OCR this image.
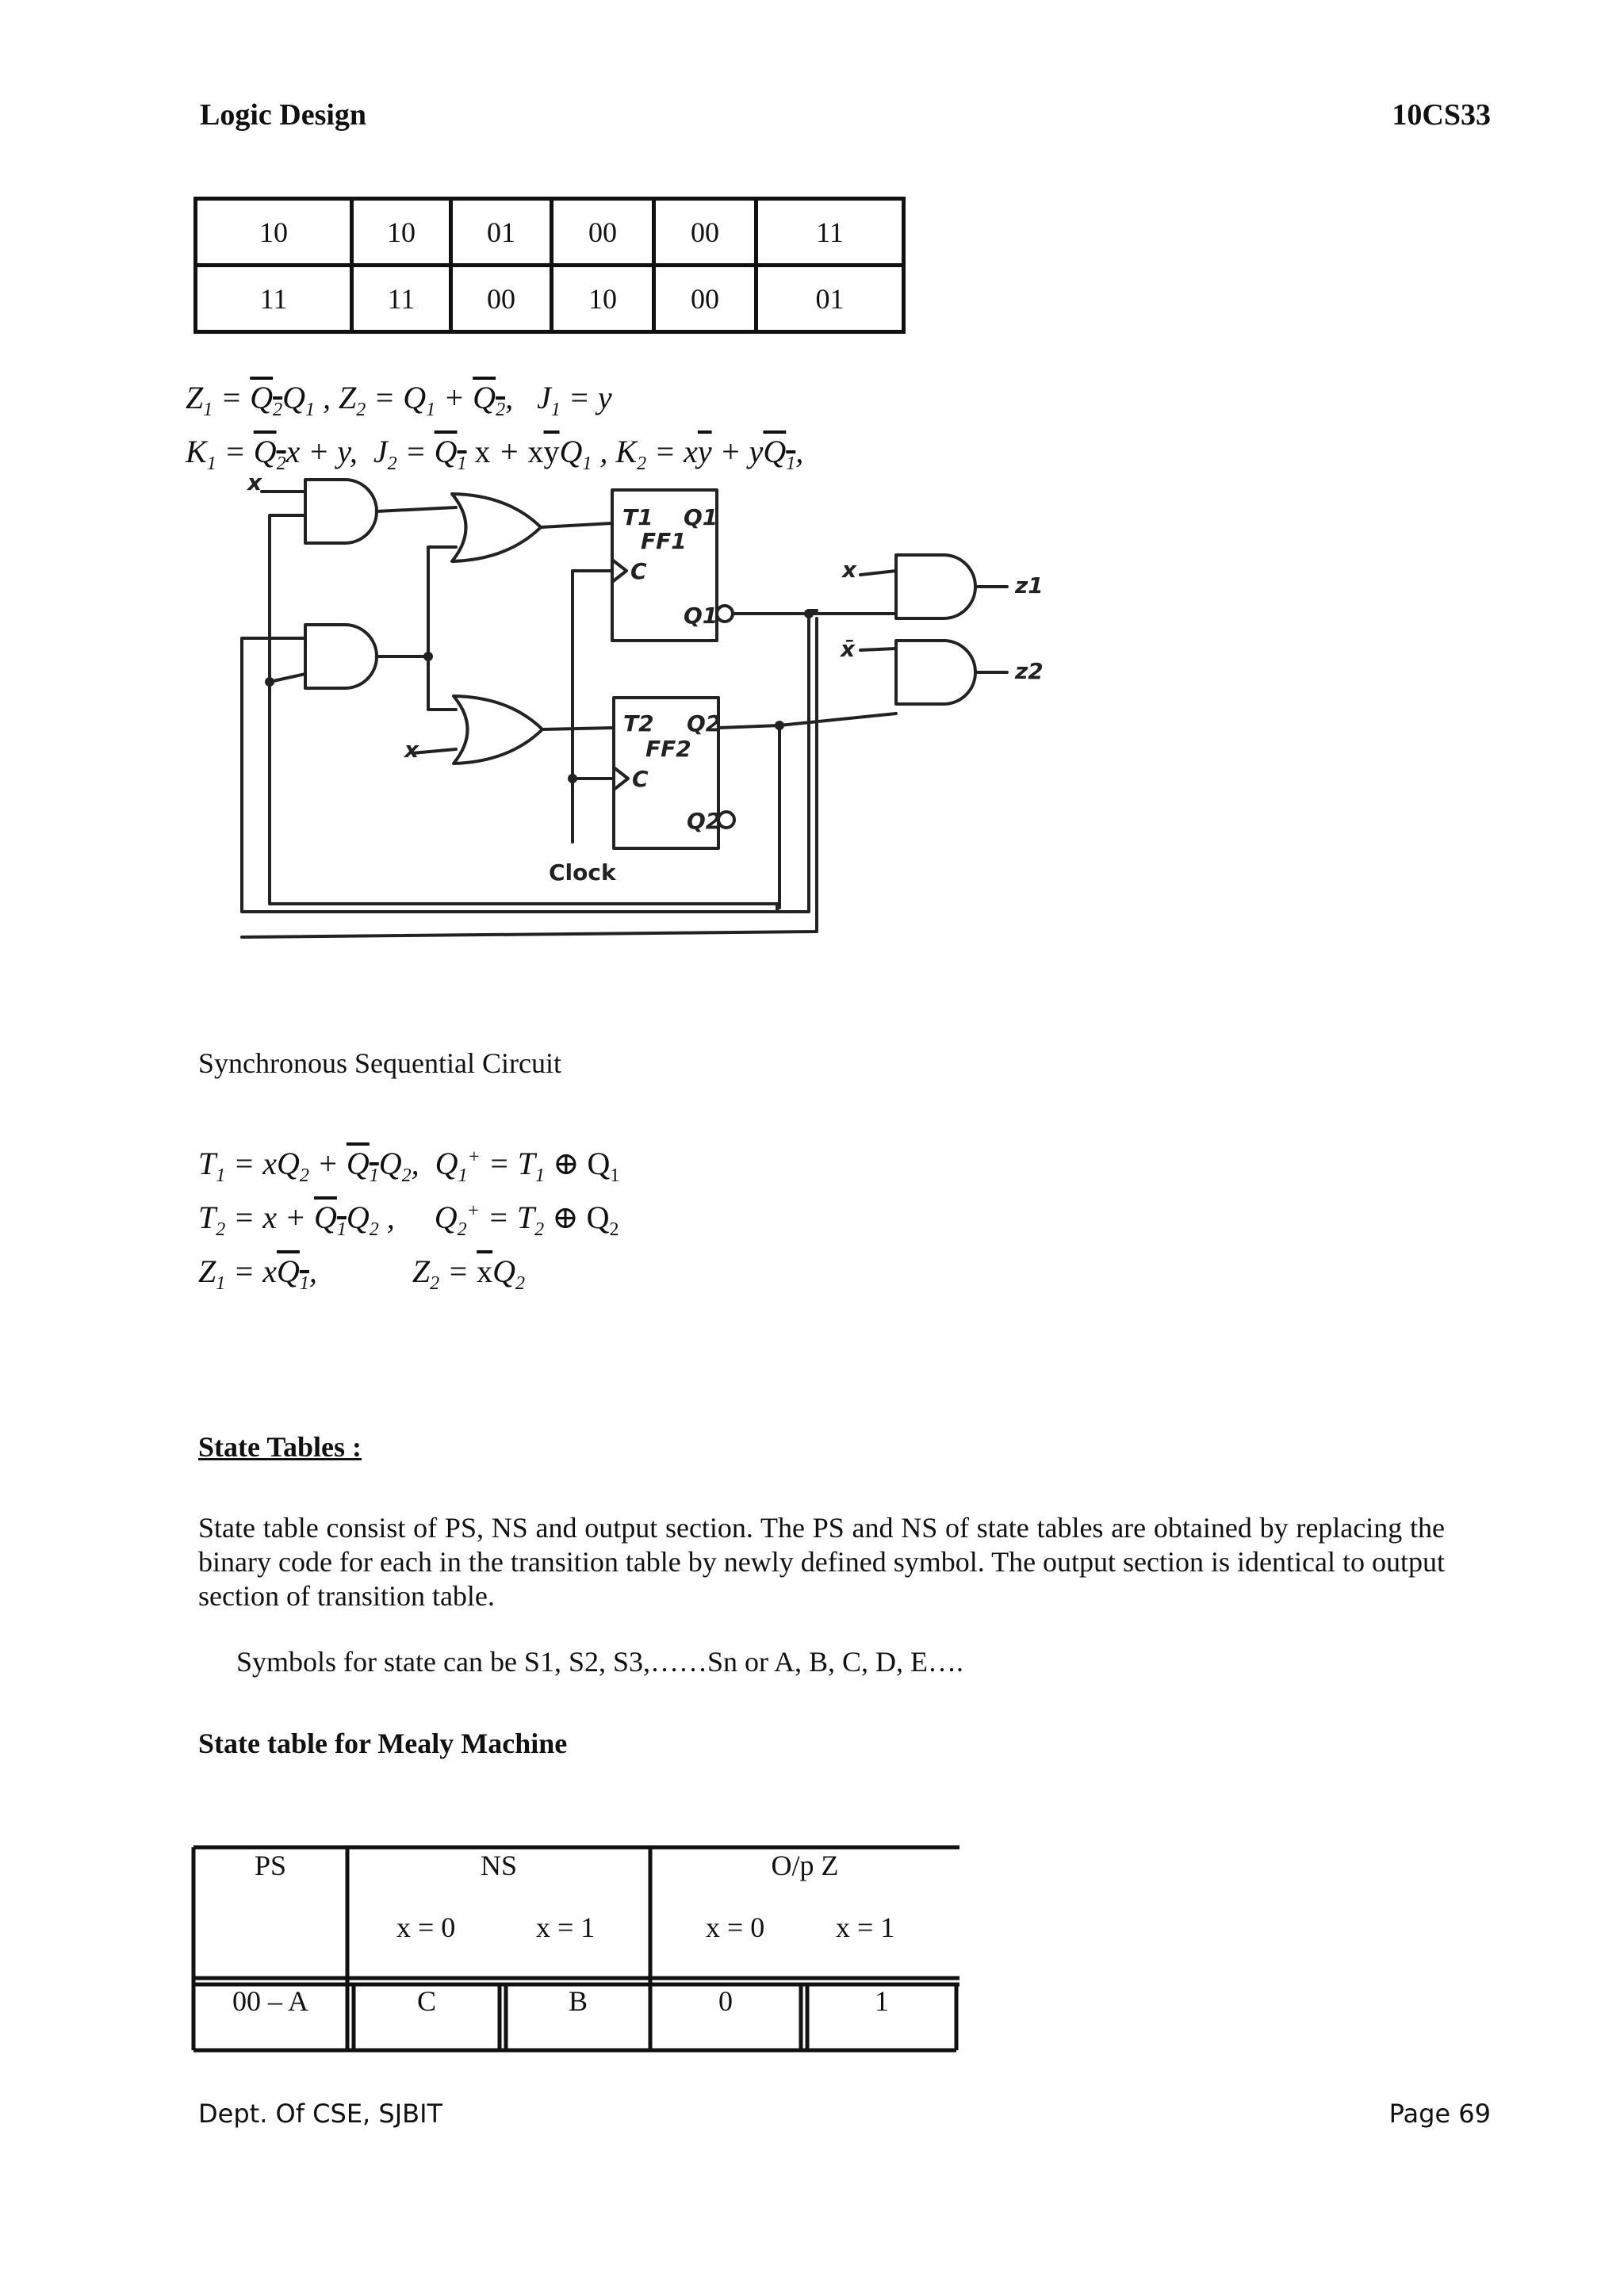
Logic Design	10CS33
10	10	01	00	00	11
11	11	00	10	00	01
$Z_1 = Q_2Q_1$ , $Z_2 = Q_1 + Q_2$,   $J_1 = y$
$K_1 = Q_2x + y$,  $J_2 = Q_1$ $x + x\overline{y}Q_1$ , $K_2 = x\overline{y} + yQ_1$,
x
T1 Q1
FF1
C
Q1
x
T2 Q2
FF2
C
Q2
Clock
x
x̄
z1
z2
Synchronous Sequential Circuit
$T_1 = xQ_2 + Q_1Q_2$,  $Q_1^+ = T_1$ ⊕ $Q_1$
$T_2 = x + Q_1Q_2$ ,     $Q_2^+ = T_2$ ⊕ $Q_2$
$Z_1 = xQ_1$,            $Z_2 = \overline{x}Q_2$
State Tables :
State table consist of PS, NS and output section. The PS and NS of state tables are obtained by replacing the binary code for each in the transition table by newly defined symbol. The output section is identical to output section of transition table.
Symbols for state can be S1, S2, S3,……Sn or A, B, C, D, E….
State table for Mealy Machine
PS	NS	O/p Z
x = 0	x = 1	x = 0 x = 1
00 – A	C	B	0	1
Dept. Of CSE, SJBIT	Page 69
